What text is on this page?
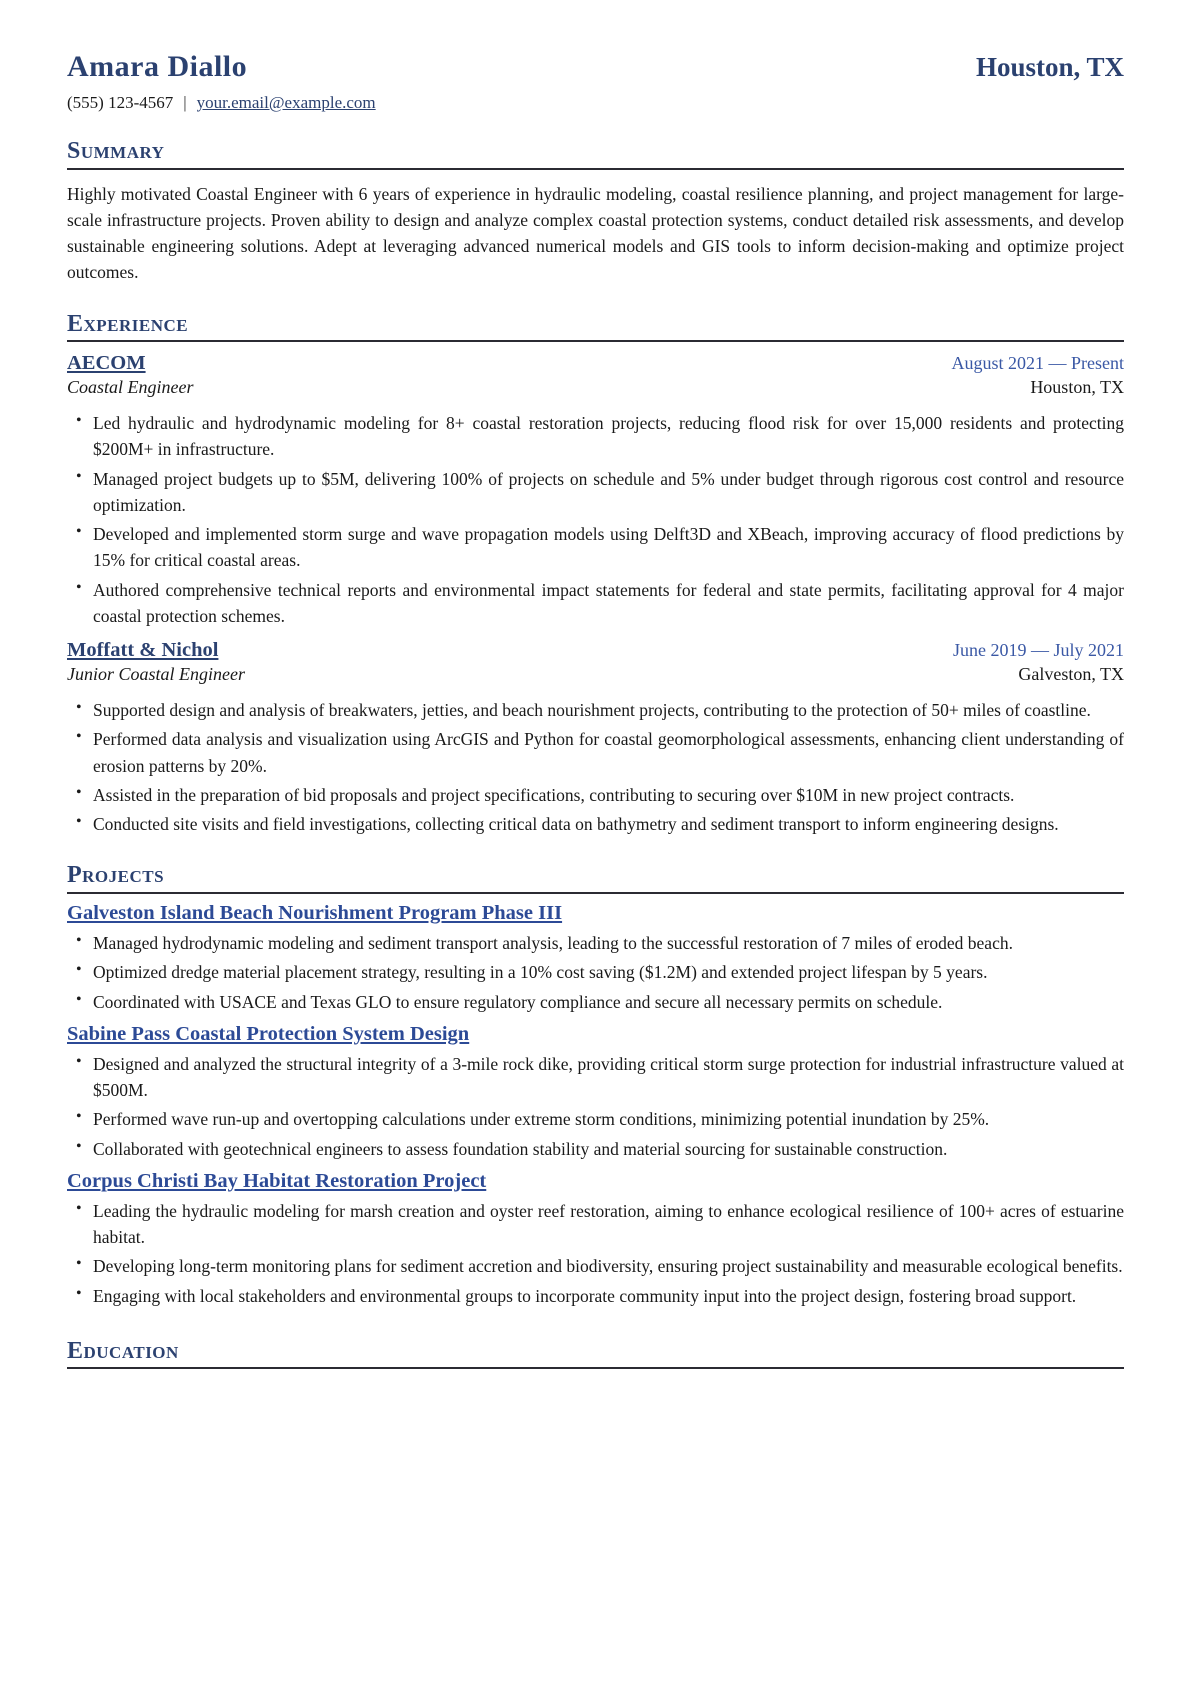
Amara Diallo	Houston, TX
(555) 123-4567 | your.email@example.com
Summary

Highly motivated Coastal Engineer with 6 years of experience in hydraulic modeling, coastal resilience planning, and project management for large-scale infrastructure projects. Proven ability to design and analyze complex coastal protection systems, conduct detailed risk assessments, and develop sustainable engineering solutions. Adept at leveraging advanced numerical models and GIS tools to inform decision-making and optimize project outcomes.

Experience
AECOM	August 2021 — Present
Coastal Engineer	Houston, TX
• Led hydraulic and hydrodynamic modeling for 8+ coastal restoration projects, reducing flood risk for over 15,000 residents and protecting $200M+ in infrastructure.
• Managed project budgets up to $5M, delivering 100% of projects on schedule and 5% under budget through rigorous cost control and resource optimization.
• Developed and implemented storm surge and wave propagation models using Delft3D and XBeach, improving accuracy of flood predictions by 15% for critical coastal areas.
• Authored comprehensive technical reports and environmental impact statements for federal and state permits, facilitating approval for 4 major coastal protection schemes.
Moffatt & Nichol	June 2019 — July 2021
Junior Coastal Engineer	Galveston, TX
• Supported design and analysis of breakwaters, jetties, and beach nourishment projects, contributing to the protection of 50+ miles of coastline.
• Performed data analysis and visualization using ArcGIS and Python for coastal geomorphological assessments, enhancing client understanding of erosion patterns by 20%.
• Assisted in the preparation of bid proposals and project specifications, contributing to securing over $10M in new project contracts.
• Conducted site visits and field investigations, collecting critical data on bathymetry and sediment transport to inform engineering designs.
Projects
Galveston Island Beach Nourishment Program Phase III
• Managed hydrodynamic modeling and sediment transport analysis, leading to the successful restoration of 7 miles of eroded beach.
• Optimized dredge material placement strategy, resulting in a 10% cost saving ($1.2M) and extended project lifespan by 5 years.
• Coordinated with USACE and Texas GLO to ensure regulatory compliance and secure all necessary permits on schedule.
Sabine Pass Coastal Protection System Design
• Designed and analyzed the structural integrity of a 3-mile rock dike, providing critical storm surge protection for industrial infrastructure valued at $500M.
• Performed wave run-up and overtopping calculations under extreme storm conditions, minimizing potential inundation by 25%.
• Collaborated with geotechnical engineers to assess foundation stability and material sourcing for sustainable construction.
Corpus Christi Bay Habitat Restoration Project
• Leading the hydraulic modeling for marsh creation and oyster reef restoration, aiming to enhance ecological resilience of 100+ acres of estuarine habitat.
• Developing long-term monitoring plans for sediment accretion and biodiversity, ensuring project sustainability and measurable ecological benefits.
• Engaging with local stakeholders and environmental groups to incorporate community input into the project design, fostering broad support.
Education
